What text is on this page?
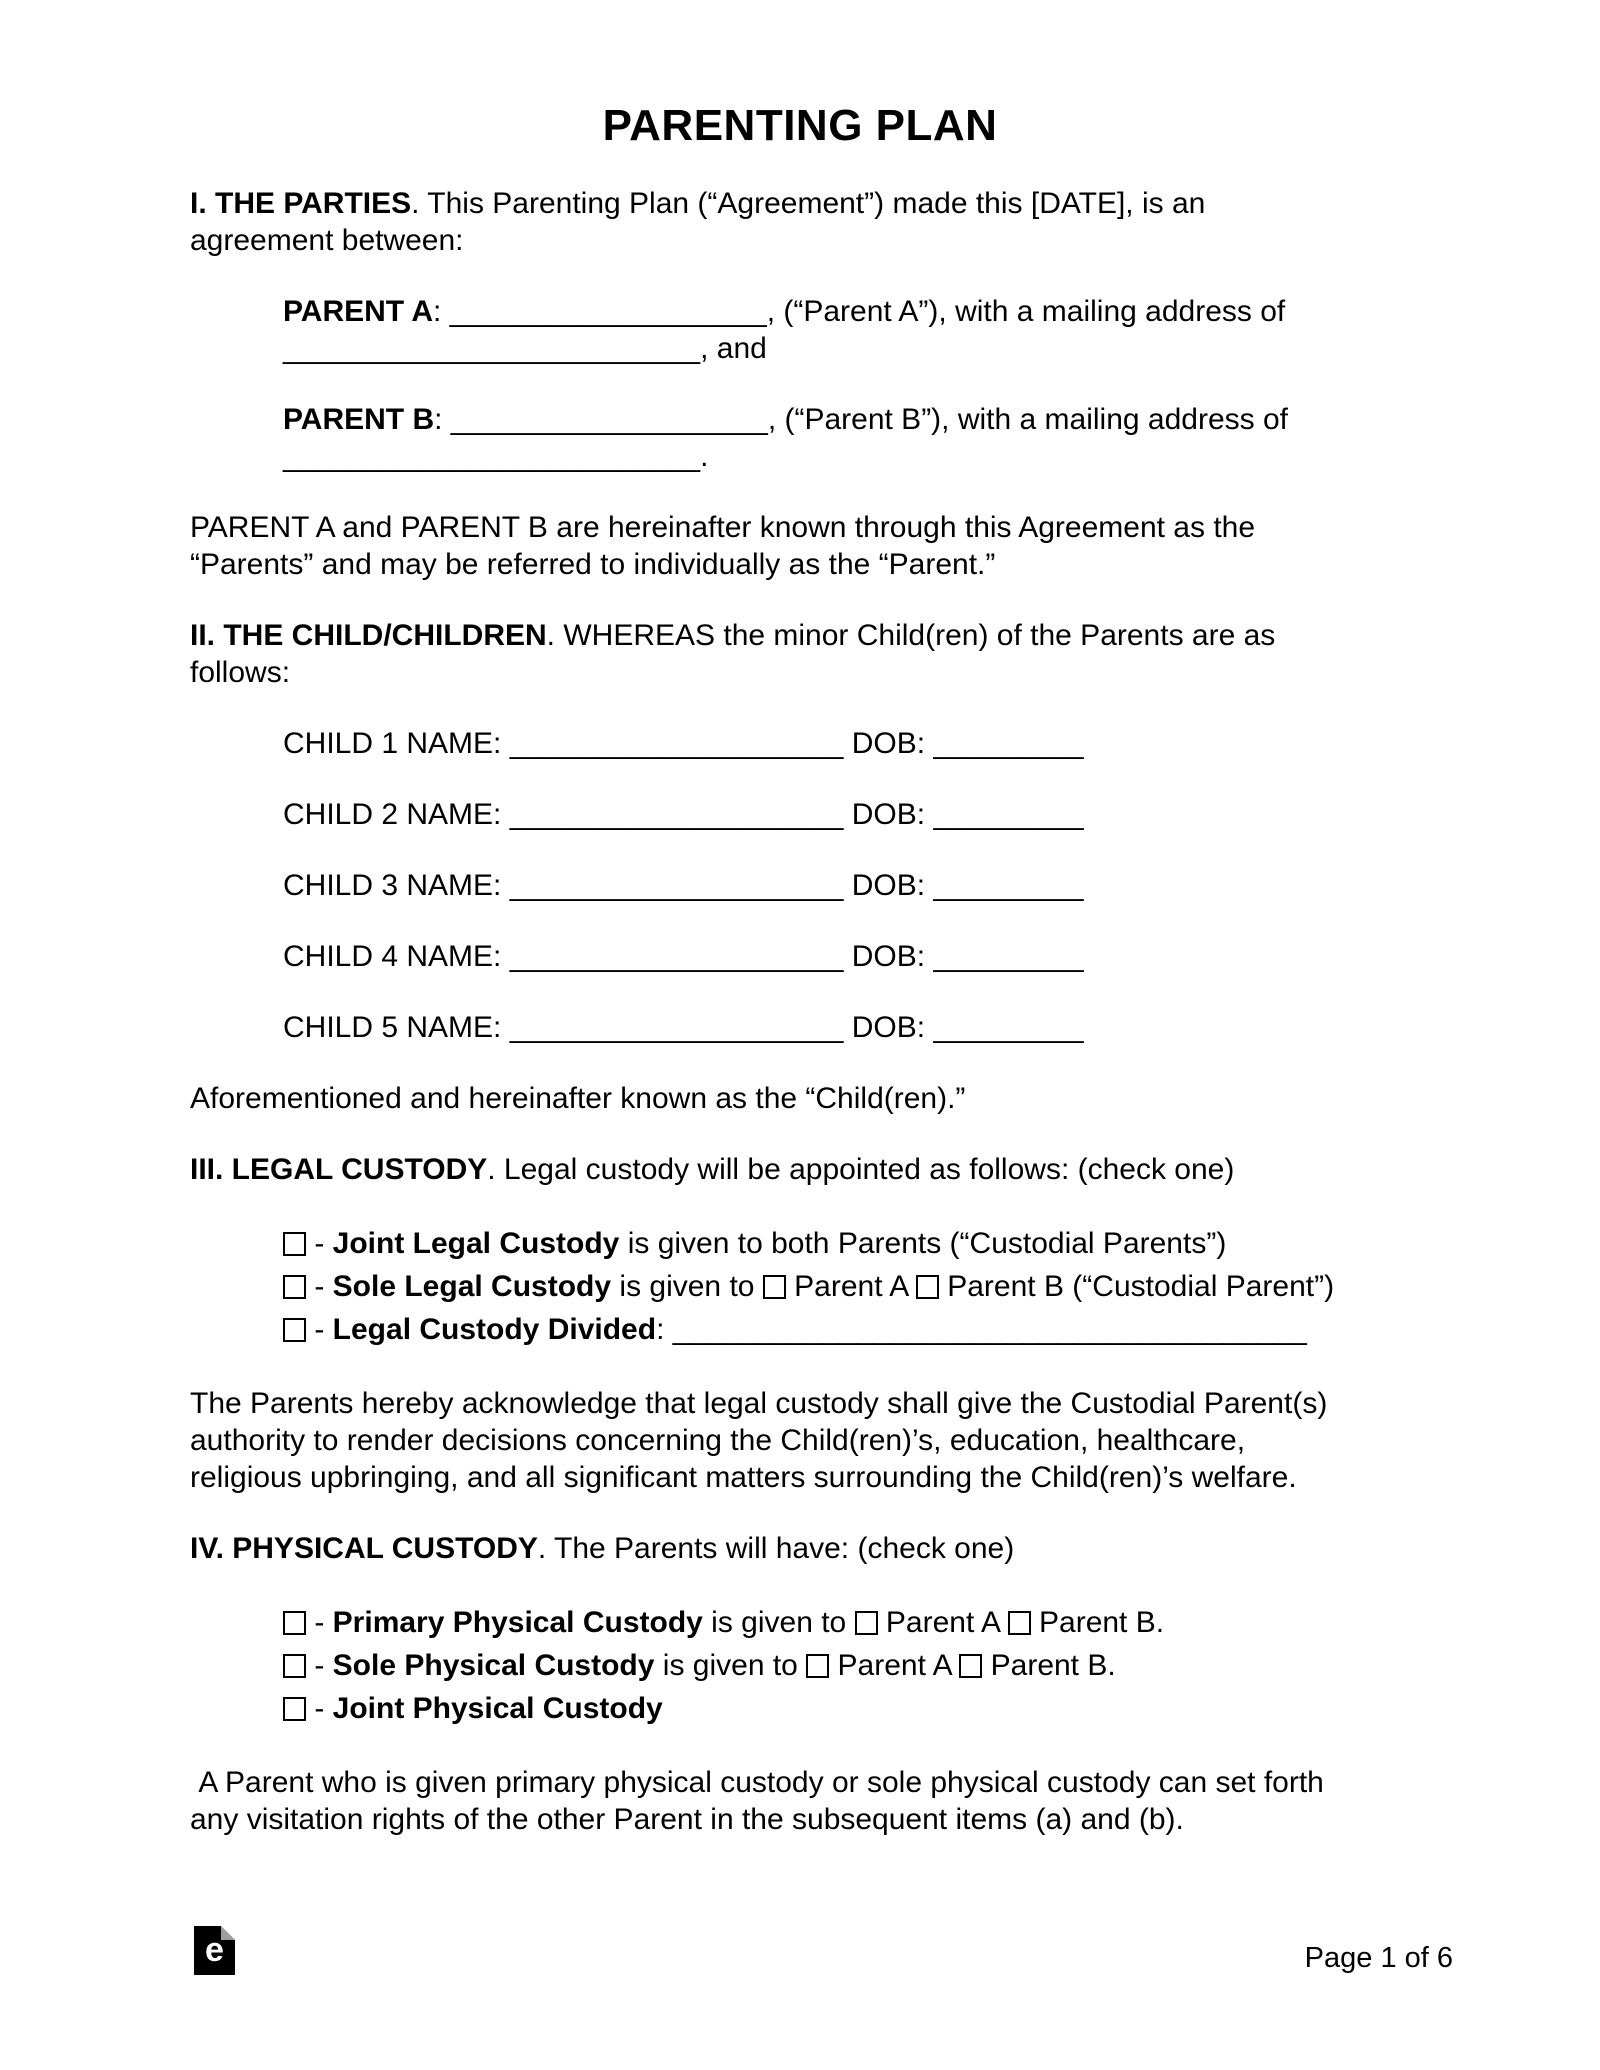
PARENTING PLAN

I. THE PARTIES. This Parenting Plan (“Agreement”) made this [DATE], is an
agreement between:

PARENT A: ___________________, (“Parent A”), with a mailing address of
_________________________, and

PARENT B: ___________________, (“Parent B”), with a mailing address of
_________________________.

PARENT A and PARENT B are hereinafter known through this Agreement as the
“Parents” and may be referred to individually as the “Parent.”

II. THE CHILD/CHILDREN. WHEREAS the minor Child(ren) of the Parents are as
follows:

CHILD 1 NAME: ____________________ DOB: _________

CHILD 2 NAME: ____________________ DOB: _________

CHILD 3 NAME: ____________________ DOB: _________

CHILD 4 NAME: ____________________ DOB: _________

CHILD 5 NAME: ____________________ DOB: _________

Aforementioned and hereinafter known as the “Child(ren).”

III. LEGAL CUSTODY. Legal custody will be appointed as follows: (check one)

- Joint Legal Custody is given to both Parents (“Custodial Parents”)

- Sole Legal Custody is given to  Parent A  Parent B (“Custodial Parent”)

- Legal Custody Divided: ______________________________________

The Parents hereby acknowledge that legal custody shall give the Custodial Parent(s)
authority to render decisions concerning the Child(ren)’s, education, healthcare,
religious upbringing, and all significant matters surrounding the Child(ren)’s welfare.

IV. PHYSICAL CUSTODY. The Parents will have: (check one)

- Primary Physical Custody is given to  Parent A  Parent B.

- Sole Physical Custody is given to  Parent A  Parent B.

- Joint Physical Custody

A Parent who is given primary physical custody or sole physical custody can set forth
any visitation rights of the other Parent in the subsequent items (a) and (b).

e	Page 1 of 6
